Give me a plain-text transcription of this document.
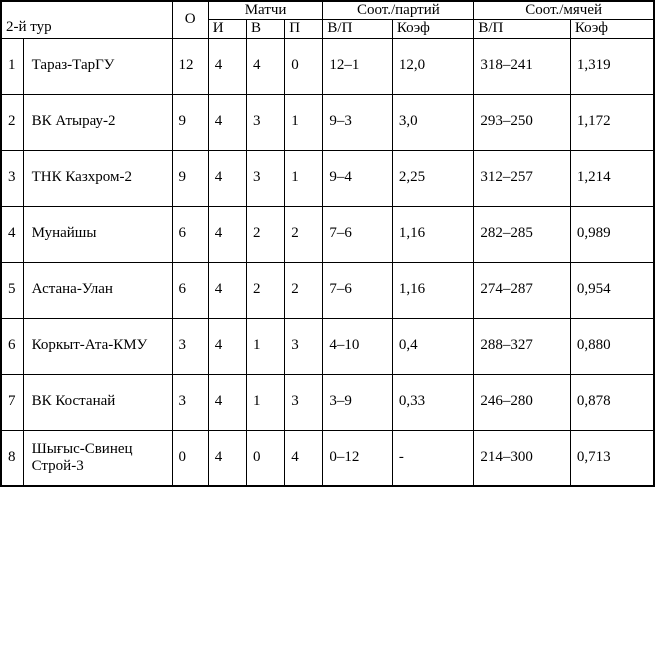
2-й тур		О	Матчи			Соот./партий		Соот./мячей	
			И	В	П	В/П	Коэф	В/П	Коэф
1	Тараз-ТарГУ	12	4	4	0	12–1	12,0	318–241	1,319
2	ВК Атырау-2	9	4	3	1	9–3	3,0	293–250	1,172
3	ТНК Казхром-2	9	4	3	1	9–4	2,25	312–257	1,214
4	Мунайшы	6	4	2	2	7–6	1,16	282–285	0,989
5	Астана-Улан	6	4	2	2	7–6	1,16	274–287	0,954
6	Коркыт-Ата-КМУ	3	4	1	3	4–10	0,4	288–327	0,880
7	ВК Костанай	3	4	1	3	3–9	0,33	246–280	0,878
8	Шығыс-Свинец Строй-3	0	4	0	4	0–12	-	214–300	0,713
